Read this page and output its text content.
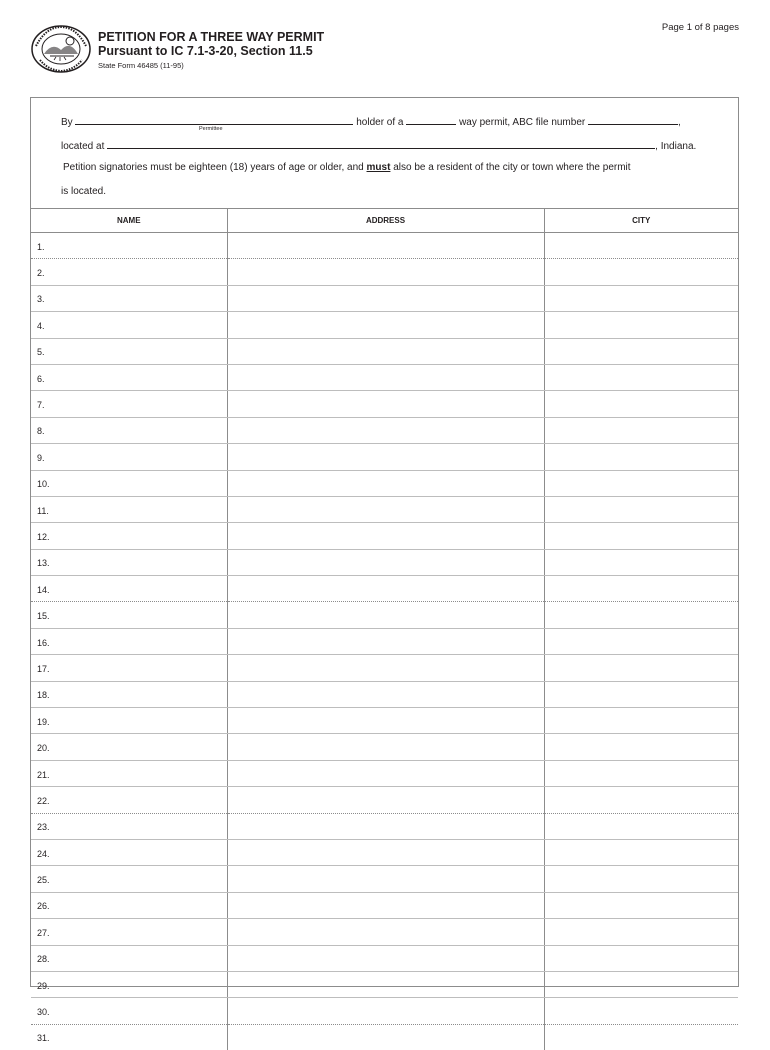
PETITION FOR A THREE WAY PERMIT
Pursuant to IC 7.1-3-20, Section 11.5
State Form 46485 (11-95)
Page 1 of 8 pages
By	holder of a	way permit, ABC file number	,
Permittee
located at	, Indiana.
Petition signatories must be eighteen (18) years of age or older, and must also be a resident of the city or town where the permit
is located.
NAME	ADDRESS	CITY
1.		
2.		
3.		
4.		
5.		
6.		
7.		
8.		
9.		
10.		
11.		
12.		
13.		
14.		
15.		
16.		
17.		
18.		
19.		
20.		
21.		
22.		
23.		
24.		
25.		
26.		
27.		
28.		
29.		
30.		
31.		
